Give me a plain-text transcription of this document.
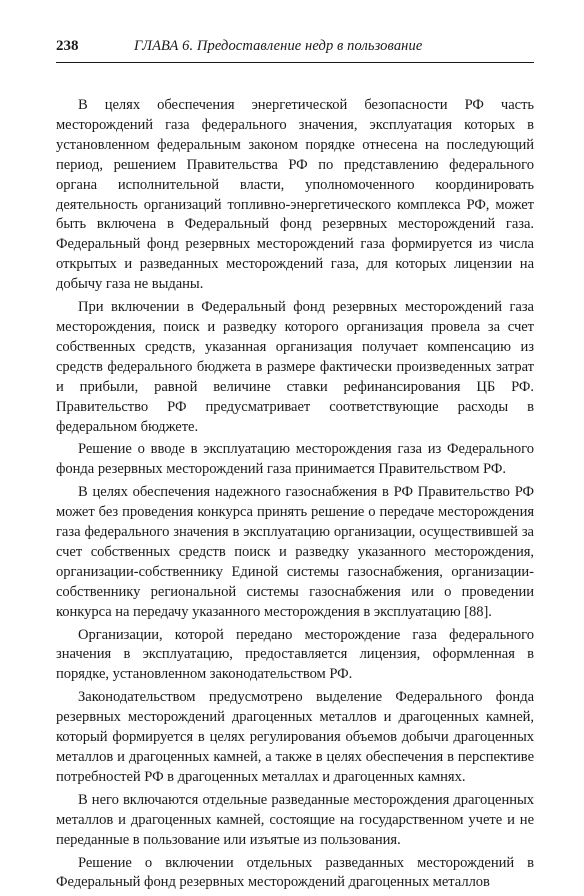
238	ГЛАВА 6. Предоставление недр в пользование

В целях обеспечения энергетической безопасности РФ часть месторождений газа федерального значения, эксплуатация которых в установленном федеральным законом порядке отнесена на последующий период, решением Правительства РФ по представлению федерального органа исполнительной власти, уполномоченного координировать деятельность организаций топливно-энергетического комплекса РФ, может быть включена в Федеральный фонд резервных месторождений газа. Федеральный фонд резервных месторождений газа формируется из числа открытых и разведанных месторождений газа, для которых лицензии на добычу газа не выданы.

При включении в Федеральный фонд резервных месторождений газа месторождения, поиск и разведку которого организация провела за счет собственных средств, указанная организация получает компенсацию из средств федерального бюджета в размере фактически произведенных затрат и прибыли, равной величине ставки рефинансирования ЦБ РФ. Правительство РФ предусматривает соответствующие расходы в федеральном бюджете.

Решение о вводе в эксплуатацию месторождения газа из Федерального фонда резервных месторождений газа принимается Правительством РФ.

В целях обеспечения надежного газоснабжения в РФ Правительство РФ может без проведения конкурса принять решение о передаче месторождения газа федерального значения в эксплуатацию организации, осуществившей за счет собственных средств поиск и разведку указанного месторождения, организации-собственнику Единой системы газоснабжения, организации-собственнику региональной системы газоснабжения или о проведении конкурса на передачу указанного месторождения в эксплуатацию [88].

Организации, которой передано месторождение газа федерального значения в эксплуатацию, предоставляется лицензия, оформленная в порядке, установленном законодательством РФ.

Законодательством предусмотрено выделение Федерального фонда резервных месторождений драгоценных металлов и драгоценных камней, который формируется в целях регулирования объемов добычи драгоценных металлов и драгоценных камней, а также в целях обеспечения в перспективе потребностей РФ в драгоценных металлах и драгоценных камнях.

В него включаются отдельные разведанные месторождения драгоценных металлов и драгоценных камней, состоящие на государственном учете и не переданные в пользование или изъятые из пользования.

Решение о включении отдельных разведанных месторождений в Федеральный фонд резервных месторождений драгоценных металлов
